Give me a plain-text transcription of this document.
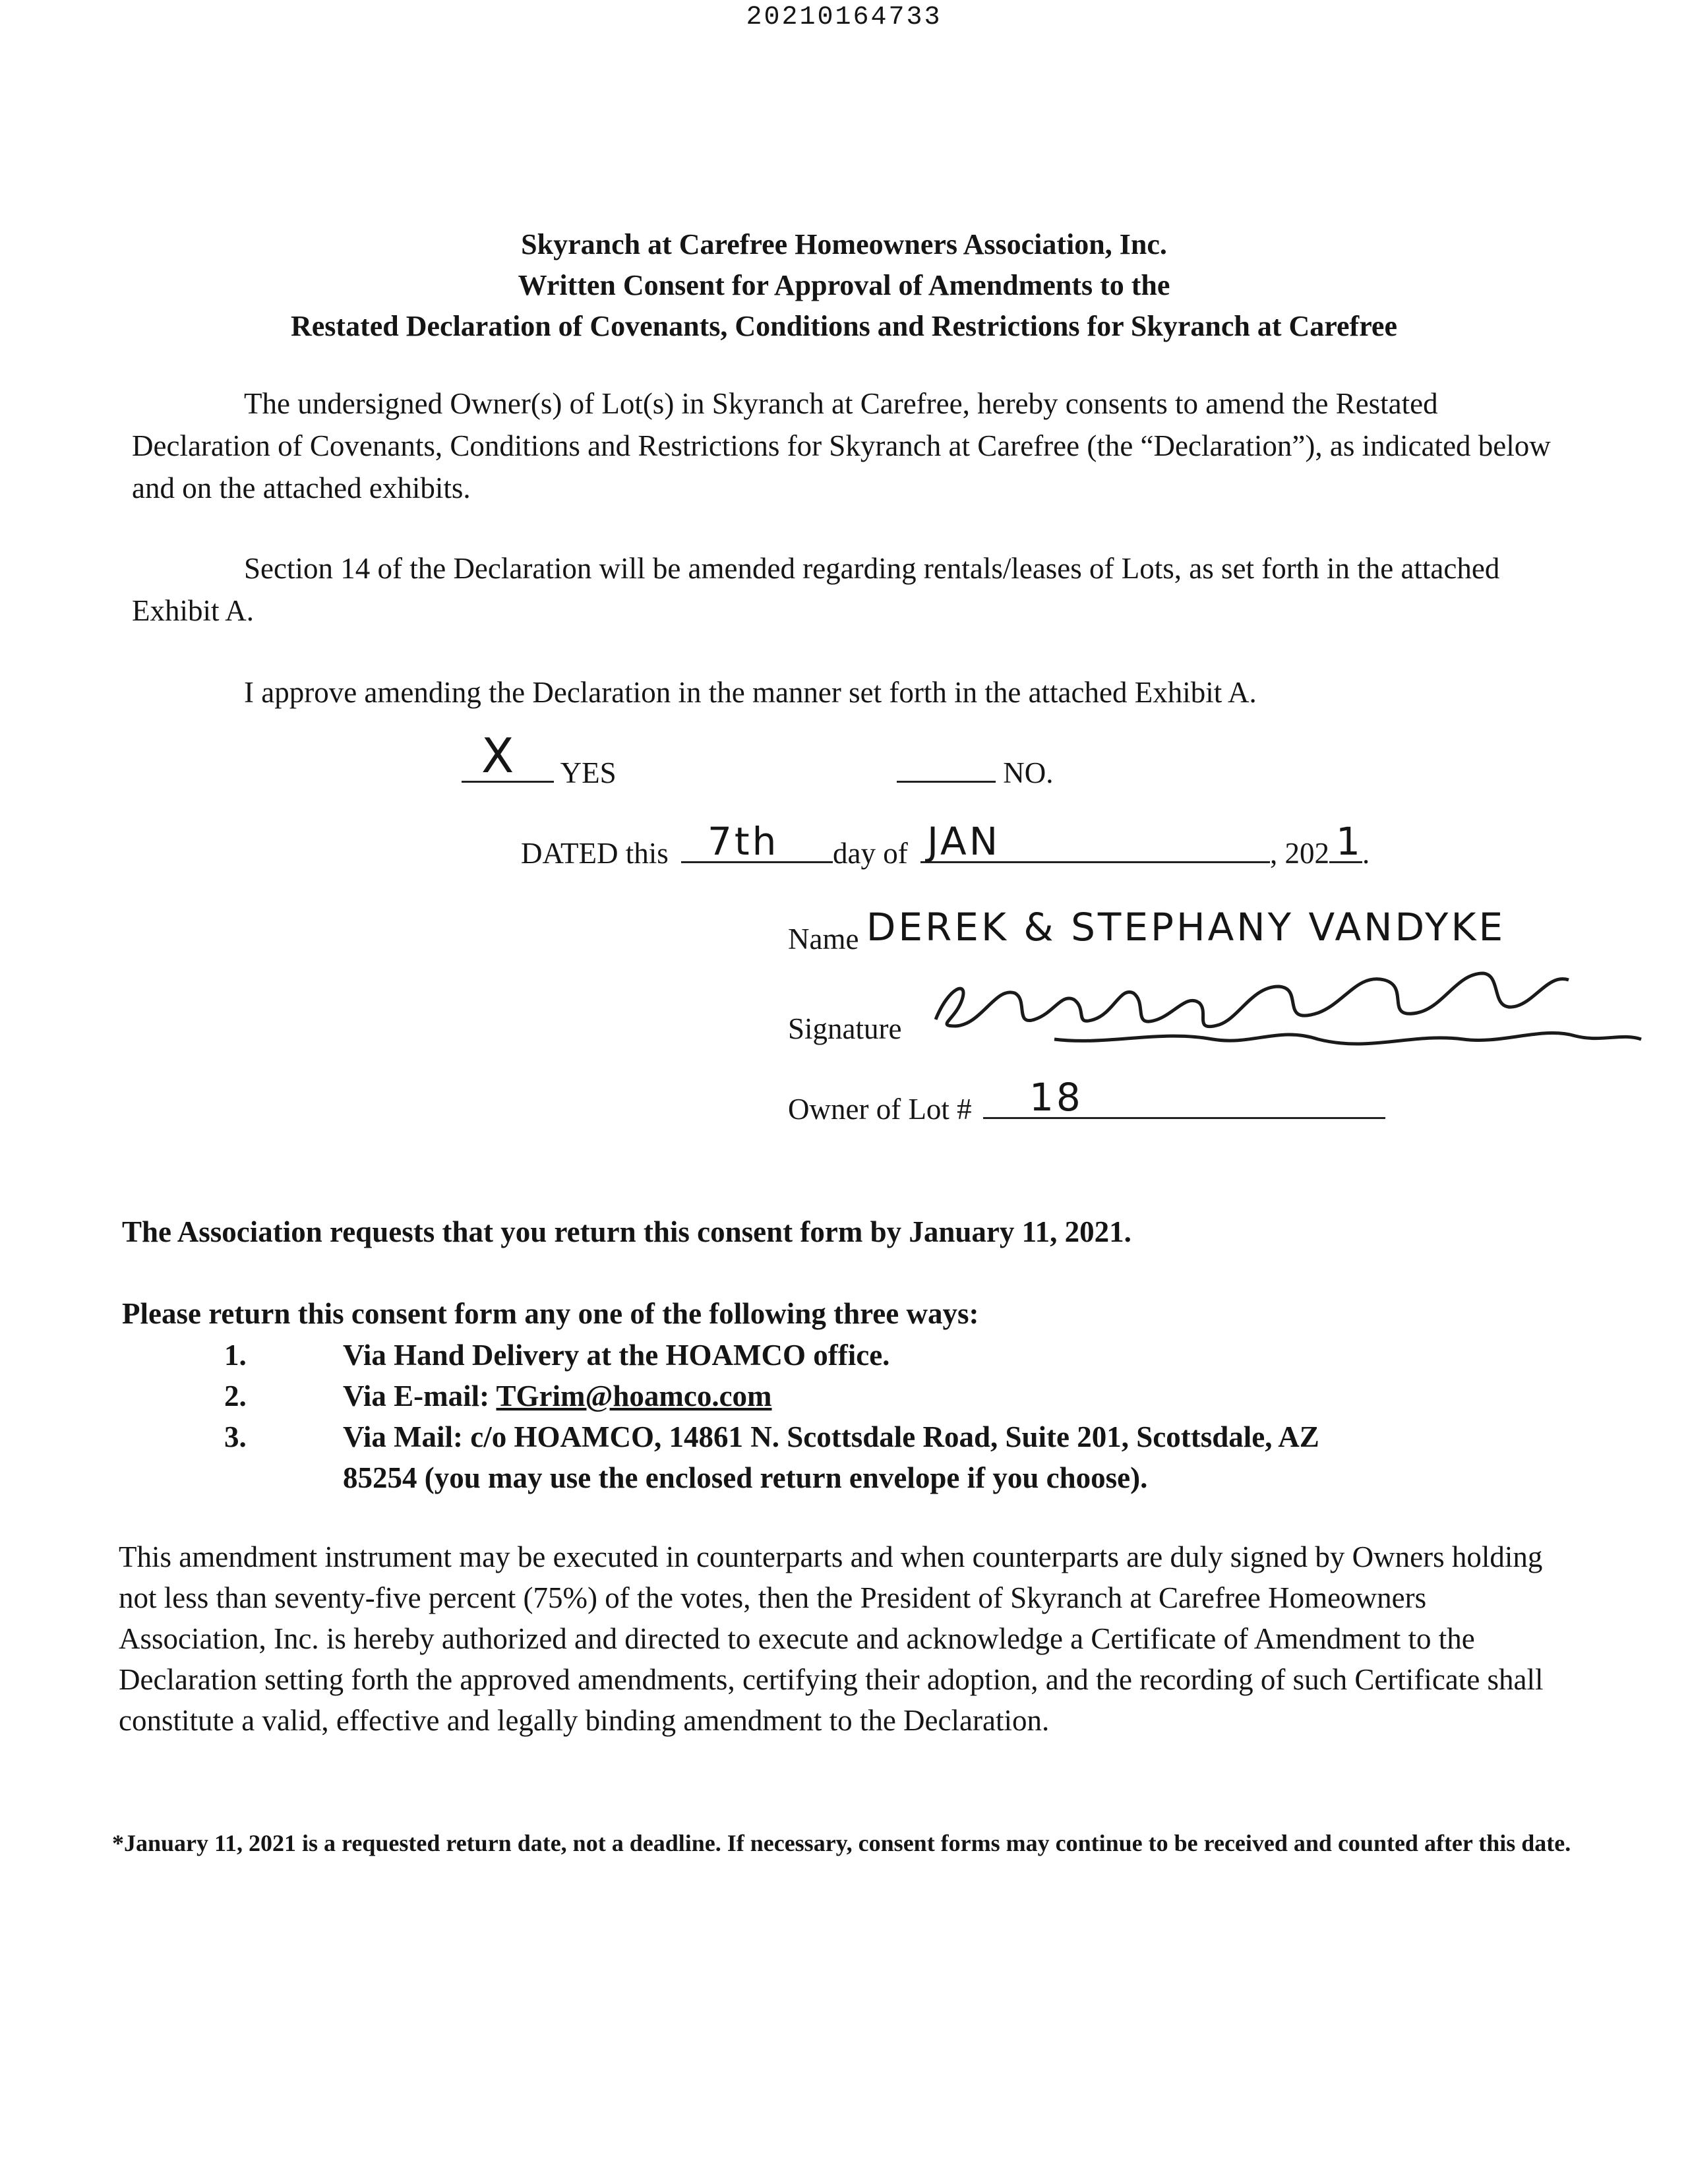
20210164733
Skyranch at Carefree Homeowners Association, Inc.
Written Consent for Approval of Amendments to the
Restated Declaration of Covenants, Conditions and Restrictions for Skyranch at Carefree

The undersigned Owner(s) of Lot(s) in Skyranch at Carefree, hereby consents to amend the Restated Declaration of Covenants, Conditions and Restrictions for Skyranch at Carefree (the “Declaration”), as indicated below and on the attached exhibits.

Section 14 of the Declaration will be amended regarding rentals/leases of Lots, as set forth in the attached Exhibit A.

I approve amending the Declaration in the manner set forth in the attached Exhibit A.

X YES	NO.
DATED this 7th day of JAN	, 202 1 .
Name DEREK & STEPHANY VANDYKE
Signature
Owner of Lot # 18

The Association requests that you return this consent form by January 11, 2021.

Please return this consent form any one of the following three ways:

1.	Via Hand Delivery at the HOAMCO office.
2.	Via E-mail: TGrim@hoamco.com
3.	Via Mail: c/o HOAMCO, 14861 N. Scottsdale Road, Suite 201, Scottsdale, AZ
85254 (you may use the enclosed return envelope if you choose).

This amendment instrument may be executed in counterparts and when counterparts are duly signed by Owners holding not less than seventy-five percent (75%) of the votes, then the President of Skyranch at Carefree Homeowners Association, Inc. is hereby authorized and directed to execute and acknowledge a Certificate of Amendment to the Declaration setting forth the approved amendments, certifying their adoption, and the recording of such Certificate shall constitute a valid, effective and legally binding amendment to the Declaration.

*January 11, 2021 is a requested return date, not a deadline. If necessary, consent forms may continue to be received and counted after this date.
